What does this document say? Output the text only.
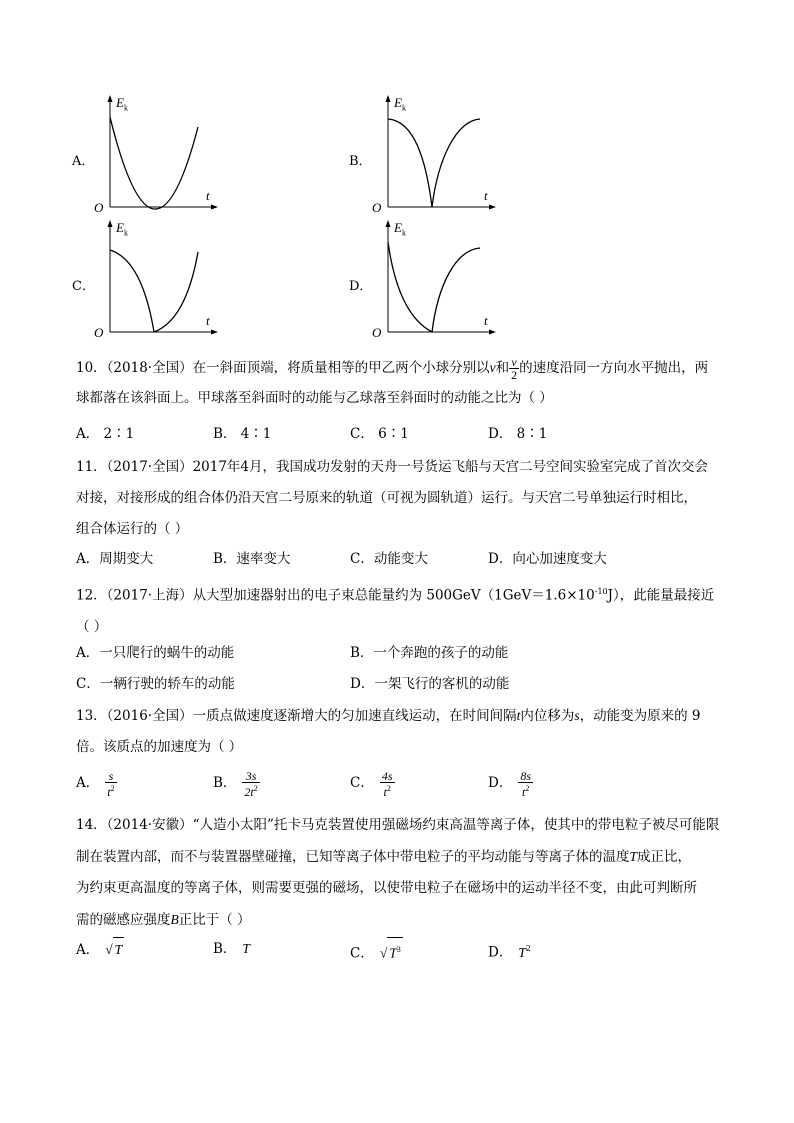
A．
$E_k$
t
O
B．
$E_k$
t
O
C．
$E_k$
t
O
D．
$E_k$
t
O
10．（2018·全国）在一斜面顶端，将质量相等的甲乙两个小球分别以v和 $\frac{v}{2}$ 的速度沿同一方向水平抛出，两
球都落在该斜面上。甲球落至斜面时的动能与乙球落至斜面时的动能之比为（ ）
A． 2∶1	B． 4∶1	C． 6∶1	D． 8∶1
11．（2017·全国）2017年4月，我国成功发射的天舟一号货运飞船与天宫二号空间实验室完成了首次交会
对接，对接形成的组合体仍沿天宫二号原来的轨道（可视为圆轨道）运行。与天宫二号单独运行时相比，
组合体运行的（ ）
A．周期变大	B．速率变大	C．动能变大	D．向心加速度变大
12．（2017·上海）从大型加速器射出的电子束总能量约为 $500GeV(1GeV=1.6\times 10^{-10}J)$，此能量最接近
（ ）
A．一只爬行的蜗牛的动能	B．一个奔跑的孩子的动能
C．一辆行驶的轿车的动能	D．一架飞行的客机的动能
13．（2016·全国）一质点做速度逐渐增大的匀加速直线运动，在时间间隔t内位移为s，动能变为原来的 9
倍。该质点的加速度为（ ）
A． $\frac{s}{t^2}$	B． $\frac{3s}{2t^2}$	C． $\frac{4s}{t^2}$	D． $\frac{8s}{t^2}$
14．（2014·安徽）“人造小太阳”托卡马克装置使用强磁场约束高温等离子体，使其中的带电粒子被尽可能限
制在装置内部，而不与装置器壁碰撞，已知等离子体中带电粒子的平均动能与等离子体的温度T成正比，
为约束更高温度的等离子体，则需要更强的磁场，以使带电粒子在磁场中的运动半径不变，由此可判断所
需的磁感应强度B正比于（ ）
A． √ T	B． T	C． √ $T^3$	D． $T^2$
